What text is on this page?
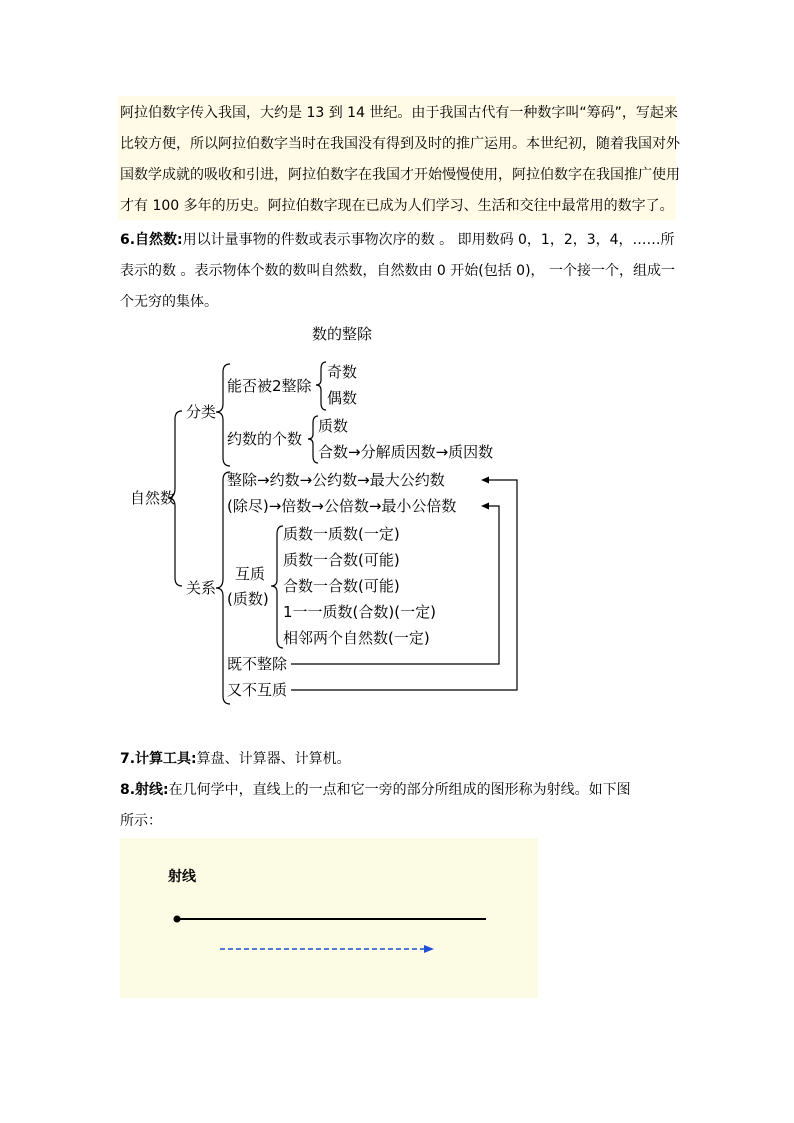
阿拉伯数字传入我国，大约是 13 到 14 世纪。由于我国古代有一种数字叫“筹码”，写起来
比较方便，所以阿拉伯数字当时在我国没有得到及时的推广运用。本世纪初，随着我国对外
国数学成就的吸收和引进，阿拉伯数字在我国才开始慢慢使用，阿拉伯数字在我国推广使用
才有 100 多年的历史。阿拉伯数字现在已成为人们学习、生活和交往中最常用的数字了。
6.自然数:用以计量事物的件数或表示事物次序的数 。 即用数码 0，1，2，3，4，……所
表示的数 。表示物体个数的数叫自然数，自然数由 0 开始(包括 0)， 一个接一个，组成一
个无穷的集体。
数的整除
自然数
分类
关系
能否被2整除
奇数
偶数
约数的个数
质数
合数→分解质因数→质因数
整除→约数→公约数→最大公约数
(除尽)→倍数→公倍数→最小公倍数
互质
(质数)
质数一质数(一定)
质数一合数(可能)
合数一合数(可能)
1一一质数(合数)(一定)
相邻两个自然数(一定)
既不整除
又不互质
7.计算工具:算盘、计算器、计算机。
8.射线:在几何学中，直线上的一点和它一旁的部分所组成的图形称为射线。如下图
所示：
射线
